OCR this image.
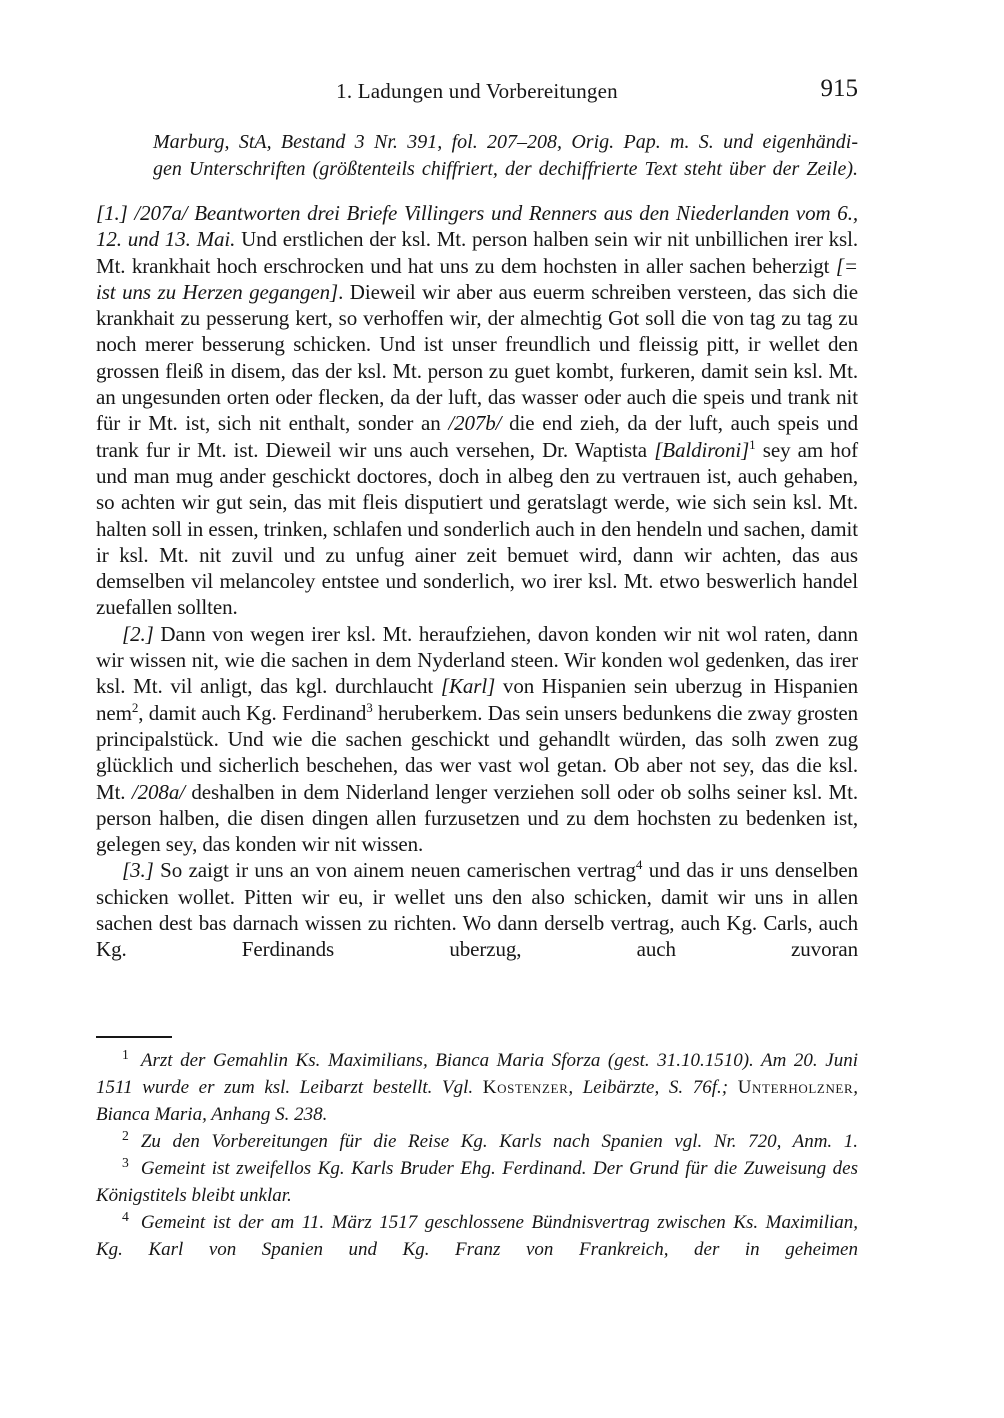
1. Ladungen und Vorbereitungen	915

Marburg, StA, Bestand 3 Nr. 391, fol. 207–208, Orig. Pap. m. S. und eigenhändi-
gen Unterschriften (größtenteils chiffriert, der dechiffrierte Text steht über der Zeile).

[1.] /207a/ Beantworten drei Briefe Villingers und Renners aus den Niederlanden vom 6., 12. und 13. Mai. Und erstlichen der ksl. Mt. person halben sein wir nit unbillichen irer ksl. Mt. krankhait hoch erschrocken und hat uns zu dem hochsten in aller sachen beherzigt [= ist uns zu Herzen gegangen]. Dieweil wir aber aus euerm schreiben versteen, das sich die krankhait zu pesserung kert, so verhoffen wir, der almechtig Got soll die von tag zu tag zu noch merer besserung schicken. Und ist unser freundlich und fleissig pitt, ir wellet den grossen fleiß in disem, das der ksl. Mt. person zu guet kombt, furkeren, damit sein ksl. Mt. an ungesunden orten oder flecken, da der luft, das wasser oder auch die speis und trank nit für ir Mt. ist, sich nit enthalt, sonder an /207b/ die end zieh, da der luft, auch speis und trank fur ir Mt. ist. Dieweil wir uns auch versehen, Dr. Waptista [Baldironi]$^1$ sey am hof und man mug ander geschickt doctores, doch in albeg den zu vertrauen ist, auch gehaben, so achten wir gut sein, das mit fleis disputiert und geratslagt werde, wie sich sein ksl. Mt. halten soll in essen, trinken, schlafen und sonderlich auch in den hendeln und sachen, damit ir ksl. Mt. nit zuvil und zu unfug ainer zeit bemuet wird, dann wir achten, das aus demselben vil melancoley entstee und sonderlich, wo irer ksl. Mt. etwo beswerlich handel zuefallen sollten.

[2.] Dann von wegen irer ksl. Mt. heraufziehen, davon konden wir nit wol raten, dann wir wissen nit, wie die sachen in dem Nyderland steen. Wir konden wol gedenken, das irer ksl. Mt. vil anligt, das kgl. durchlaucht [Karl] von Hispanien sein uberzug in Hispanien nem$^2$, damit auch Kg. Ferdinand$^3$ heruberkem. Das sein unsers bedunkens die zway grosten principalstück. Und wie die sachen geschickt und gehandlt würden, das solh zwen zug glücklich und sicherlich beschehen, das wer vast wol getan. Ob aber not sey, das die ksl. Mt. /208a/ deshalben in dem Niderland lenger verziehen soll oder ob solhs seiner ksl. Mt. person halben, die disen dingen allen furzusetzen und zu dem hochsten zu bedenken ist, gelegen sey, das konden wir nit wissen.

[3.] So zaigt ir uns an von ainem neuen camerischen vertrag$^4$ und das ir uns denselben schicken wollet. Pitten wir eu, ir wellet uns den also schicken, damit wir uns in allen sachen dest bas darnach wissen zu richten. Wo dann derselb vertrag, auch Kg. Carls, auch Kg. Ferdinands uberzug, auch zuvoran

$^1$ Arzt der Gemahlin Ks. Maximilians, Bianca Maria Sforza (gest. 31.10.1510). Am 20. Juni 1511 wurde er zum ksl. Leibarzt bestellt. Vgl. Kostenzer, Leibärzte, S. 76f.; Unterholzner, Bianca Maria, Anhang S. 238.

$^2$ Zu den Vorbereitungen für die Reise Kg. Karls nach Spanien vgl. Nr. 720, Anm. 1.

$^3$ Gemeint ist zweifellos Kg. Karls Bruder Ehg. Ferdinand. Der Grund für die Zuweisung des Königstitels bleibt unklar.

$^4$ Gemeint ist der am 11. März 1517 geschlossene Bündnisvertrag zwischen Ks. Maximilian, Kg. Karl von Spanien und Kg. Franz von Frankreich, der in geheimen
